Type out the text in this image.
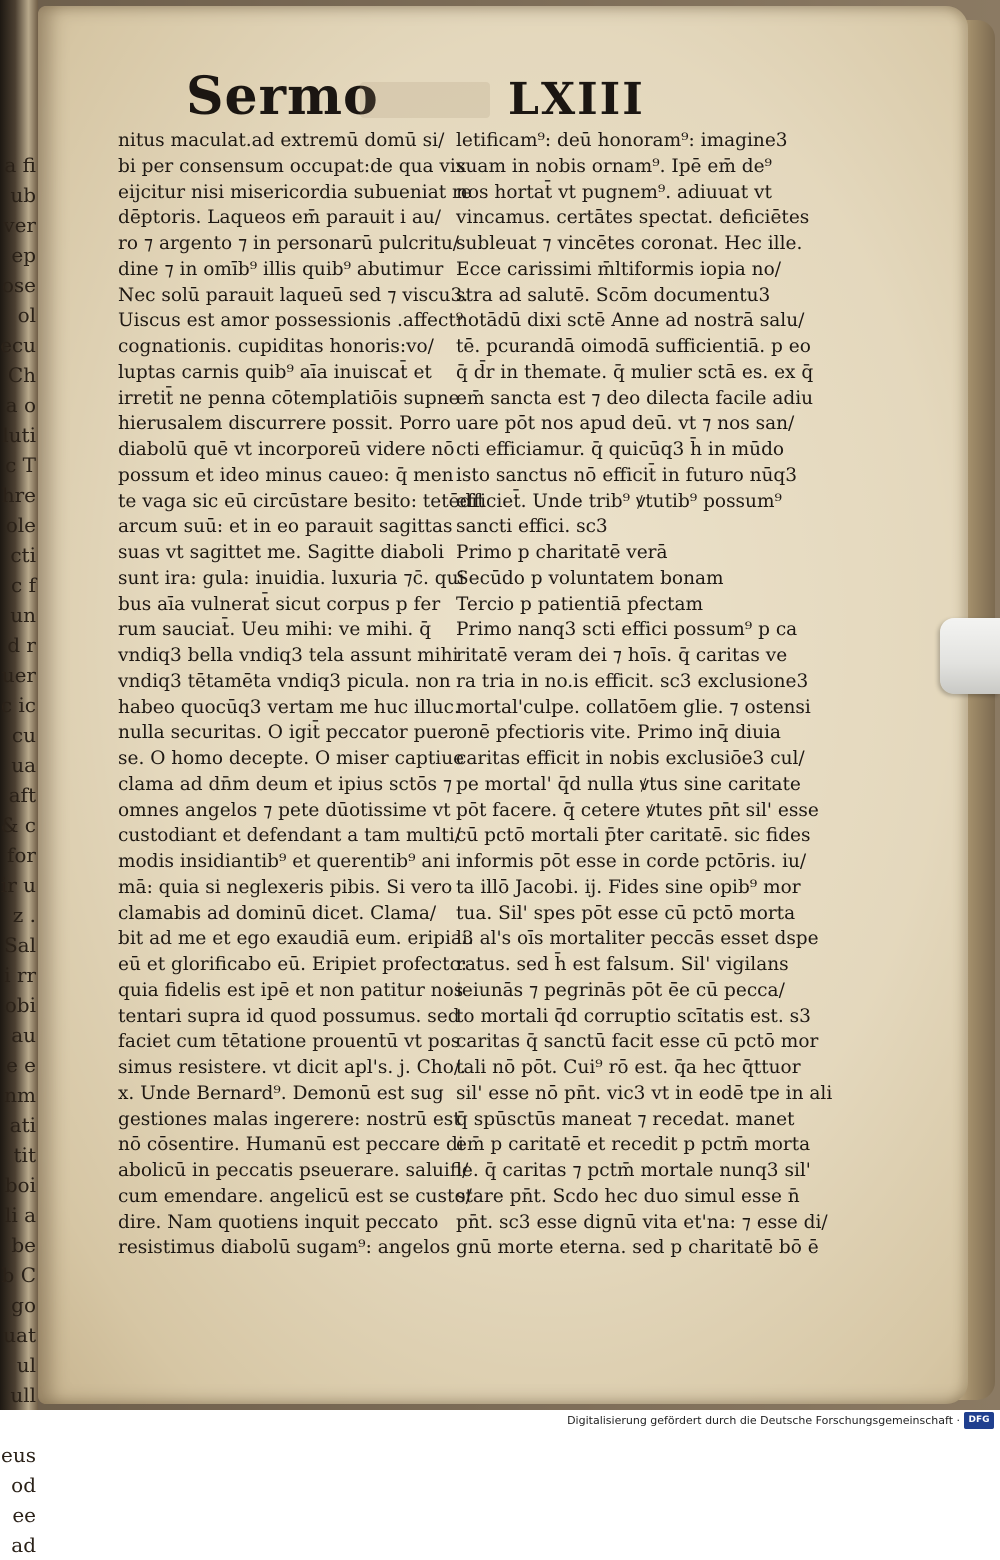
a fi ubver epose ol ecu Cha olutic Thre olectic fund ruerc iccu ua aft & cfor ir uz . Sali rr obi aue enmati tit boili abeb Cgo uatul ull eus odee ad
Sermo	LXIII
nitus maculat.ad extremū domū si/
bi per consensum occupat:de qua vix
eijcitur nisi misericordia subueniat re
dēptoris. Laqueos em̄ parauit i au/
ro ⁊ argento ⁊ in personarū pulcritu/
dine ⁊ in omīb⁹ illis quib⁹ abutimur
Nec solū parauit laqueū sed ⁊ viscu3.
Uiscus est amor possessionis .affect⁹
cognationis. cupiditas honoris:vo/
luptas carnis quib⁹ aīa inuiscat̄ et
irretit̄ ne penna cōtemplatiōis supne
hierusalem discurrere possit. Porro
diabolū quē vt incorporeū videre nō
possum et ideo minus caueo: q̄ men
te vaga sic eū circūstare besito: tetēdit
arcum suū: et in eo parauit sagittas
suas vt sagittet me. Sagitte diaboli
sunt ira: gula: inuidia. luxuria ⁊c̄. qui
bus aīa vulnerat̄ sicut corpus p fer
rum sauciat̄. Ueu mihi: ve mihi. q̄
vndiq3 bella vndiq3 tela assunt mihi
vndiq3 tētamēta vndiq3 picula. non
habeo quocūq3 vertam me huc illuc.
nulla securitas. O igit̄ peccator puer
se. O homo decepte. O miser captiue
clama ad dn̄m deum et ipius sctōs ⁊
omnes angelos ⁊ pete dūotissime vt
custodiant et defendant a tam multi/
modis insidiantib⁹ et querentib⁹ ani
mā: quia si neglexeris pibis. Si vero
clamabis ad dominū dicet. Clama/
bit ad me et ego exaudiā eum. eripia3
eū et glorificabo eū. Eripiet profecto:
quia fidelis est ipē et non patitur nos
tentari supra id quod possumus. sed
faciet cum tētatione prouentū vt pos
simus resistere. vt dicit apl's. j. Cho/.
x. Unde Bernard⁹. Demonū est sug
gestiones malas ingerere: nostrū est
nō cōsentire. Humanū est peccare di
abolicū in peccatis pseuerare. saluifi/
cum emendare. angelicū est se custo/
dire. Nam quotiens inquit peccato
resistimus diabolū sugam⁹: angelos
letificam⁹: deū honoram⁹: imagine3
suam in nobis ornam⁹. Ipē em̄ de⁹
nos hortat̄ vt pugnem⁹. adiuuat vt
vincamus. certātes spectat. deficiētes
subleuat ⁊ vincētes coronat. Hec ille.
Ecce carissimi m̄ltiformis iopia no/
stra ad salutē. Scōm documentu3
notādū dixi sctē Anne ad nostrā salu/
tē. pcurandā oimodā sufficientiā. p eo
q̄ d̄r in themate. q̄ mulier sctā es. ex q̄
em̄ sancta est ⁊ deo dilecta facile adiu
uare pōt nos apud deū. vt ⁊ nos san/
cti efficiamur. q̄ quicūq3 h̄ in mūdo
isto sanctus nō efficit̄ in futuro nūq3
efficiet̄. Unde trib⁹ ꝟtutib⁹ possum⁹
sancti effici. sc3
Primo p charitatē verā
Secūdo p voluntatem bonam
Tercio p patientiā pfectam
Primo nanq3 scti effici possum⁹ p ca
ritatē veram dei ⁊ hoīs. q̄ caritas ve
ra tria in no.is efficit. sc3 exclusione3
mortal'culpe. collatōem glie. ⁊ ostensi
onē pfectioris vite. Primo inq̄ diuia
caritas efficit in nobis exclusiōe3 cul/
pe mortal' q̄d nulla ꝟtus sine caritate
pōt facere. q̄ cetere ꝟtutes pn̄t sil' esse
cū pctō mortali p̄ter caritatē. sic fides
informis pōt esse in corde pctōris. iu/
ta illō Jacobi. ij. Fides sine opib⁹ mor
tua. Sil' spes pōt esse cū pctō morta
li. al's oīs mortaliter peccās esset dspe
ratus. sed h̄ est falsum. Sil' vigilans
ieiunās ⁊ pegrinās pōt ē̄e cū pecca/
to mortali q̄d corruptio scītatis est. s3
caritas q̄ sanctū facit esse cū pctō mor
tali nō pōt. Cui⁹ rō est. q̄a hec q̄ttuor
sil' esse nō pn̄t. vic3 vt in eodē tpe in ali
q̄ spūsctūs maneat ⁊ recedat. manet
em̄ p caritatē et recedit p pctm̄ morta
le. q̄ caritas ⁊ pctm̄ mortale nunq3 sil'
stare pn̄t. Scdo hec duo simul esse n̄
pn̄t. sc3 esse dignū vita et'na: ⁊ esse di/
gnū morte eterna. sed p charitatē bō ē
Digitalisierung gefördert durch die Deutsche Forschungsgemeinschaft · DFG
